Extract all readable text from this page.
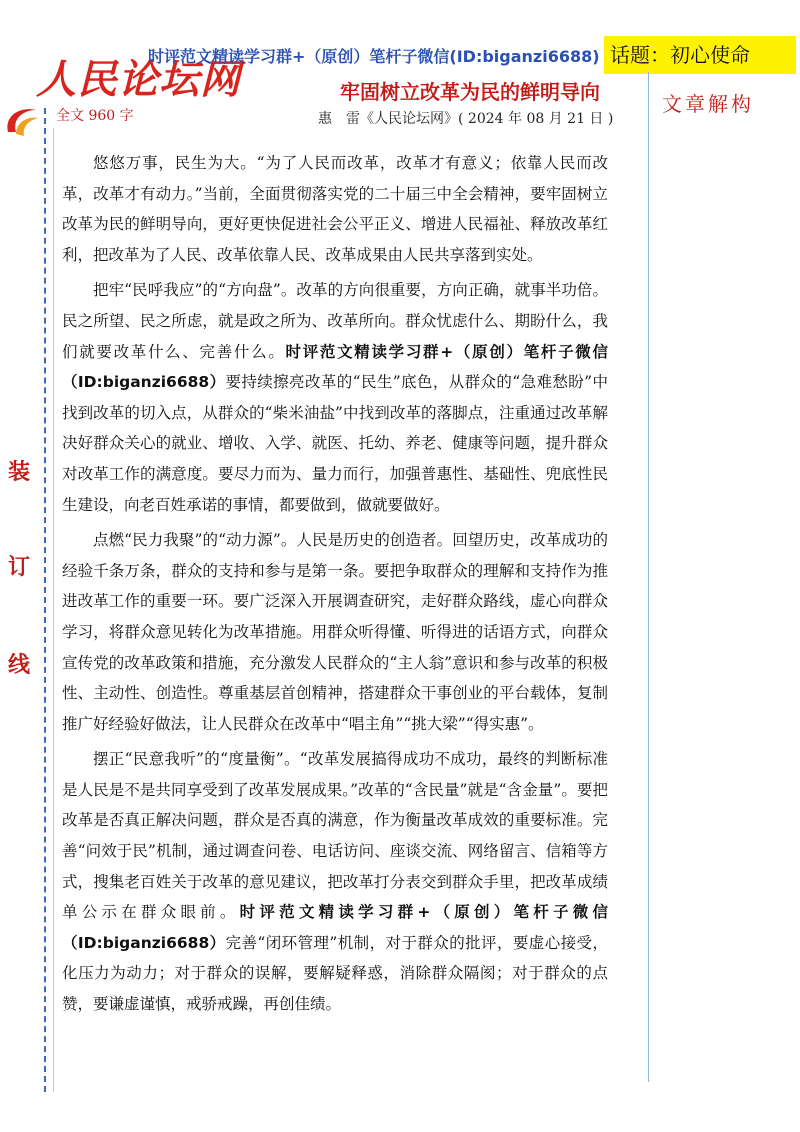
人民论坛网
时评范文精读学习群+（原创）笔杆子微信(ID:biganzi6688) 话题：初心使命
牢固树立改革为民的鲜明导向
惠　雷《人民论坛网》( 2024 年 08 月 21 日 )
全文 960 字	文章解构
装
订
线

悠悠万事，民生为大。“为了人民而改革，改革才有意义；依靠人民而改革，改革才有动力。”当前，全面贯彻落实党的二十届三中全会精神，要牢固树立改革为民的鲜明导向，更好更快促进社会公平正义、增进人民福祉、释放改革红利，把改革为了人民、改革依靠人民、改革成果由人民共享落到实处。

把牢“民呼我应”的“方向盘”。改革的方向很重要，方向正确，就事半功倍。民之所望、民之所虑，就是政之所为、改革所向。群众忧虑什么、期盼什么，我们就要改革什么、完善什么。时评范文精读学习群+（原创）笔杆子微信（ID:biganzi6688）要持续擦亮改革的“民生”底色，从群众的“急难愁盼”中找到改革的切入点，从群众的“柴米油盐”中找到改革的落脚点，注重通过改革解决好群众关心的就业、增收、入学、就医、托幼、养老、健康等问题，提升群众对改革工作的满意度。要尽力而为、量力而行，加强普惠性、基础性、兜底性民生建设，向老百姓承诺的事情，都要做到，做就要做好。

点燃“民力我聚”的“动力源”。人民是历史的创造者。回望历史，改革成功的经验千条万条，群众的支持和参与是第一条。要把争取群众的理解和支持作为推进改革工作的重要一环。要广泛深入开展调查研究，走好群众路线，虚心向群众学习，将群众意见转化为改革措施。用群众听得懂、听得进的话语方式，向群众宣传党的改革政策和措施，充分激发人民群众的“主人翁”意识和参与改革的积极性、主动性、创造性。尊重基层首创精神，搭建群众干事创业的平台载体，复制推广好经验好做法，让人民群众在改革中“唱主角”“挑大梁”“得实惠”。

摆正“民意我听”的“度量衡”。“改革发展搞得成功不成功，最终的判断标准是人民是不是共同享受到了改革发展成果。”改革的“含民量”就是“含金量”。要把改革是否真正解决问题，群众是否真的满意，作为衡量改革成效的重要标准。完善“问效于民”机制，通过调查问卷、电话访问、座谈交流、网络留言、信箱等方式，搜集老百姓关于改革的意见建议，把改革打分表交到群众手里，把改革成绩单公示在群众眼前。时评范文精读学习群+（原创）笔杆子微信（ID:biganzi6688）完善“闭环管理”机制，对于群众的批评，要虚心接受，化压力为动力；对于群众的误解，要解疑释惑，消除群众隔阂；对于群众的点赞，要谦虚谨慎，戒骄戒躁，再创佳绩。
